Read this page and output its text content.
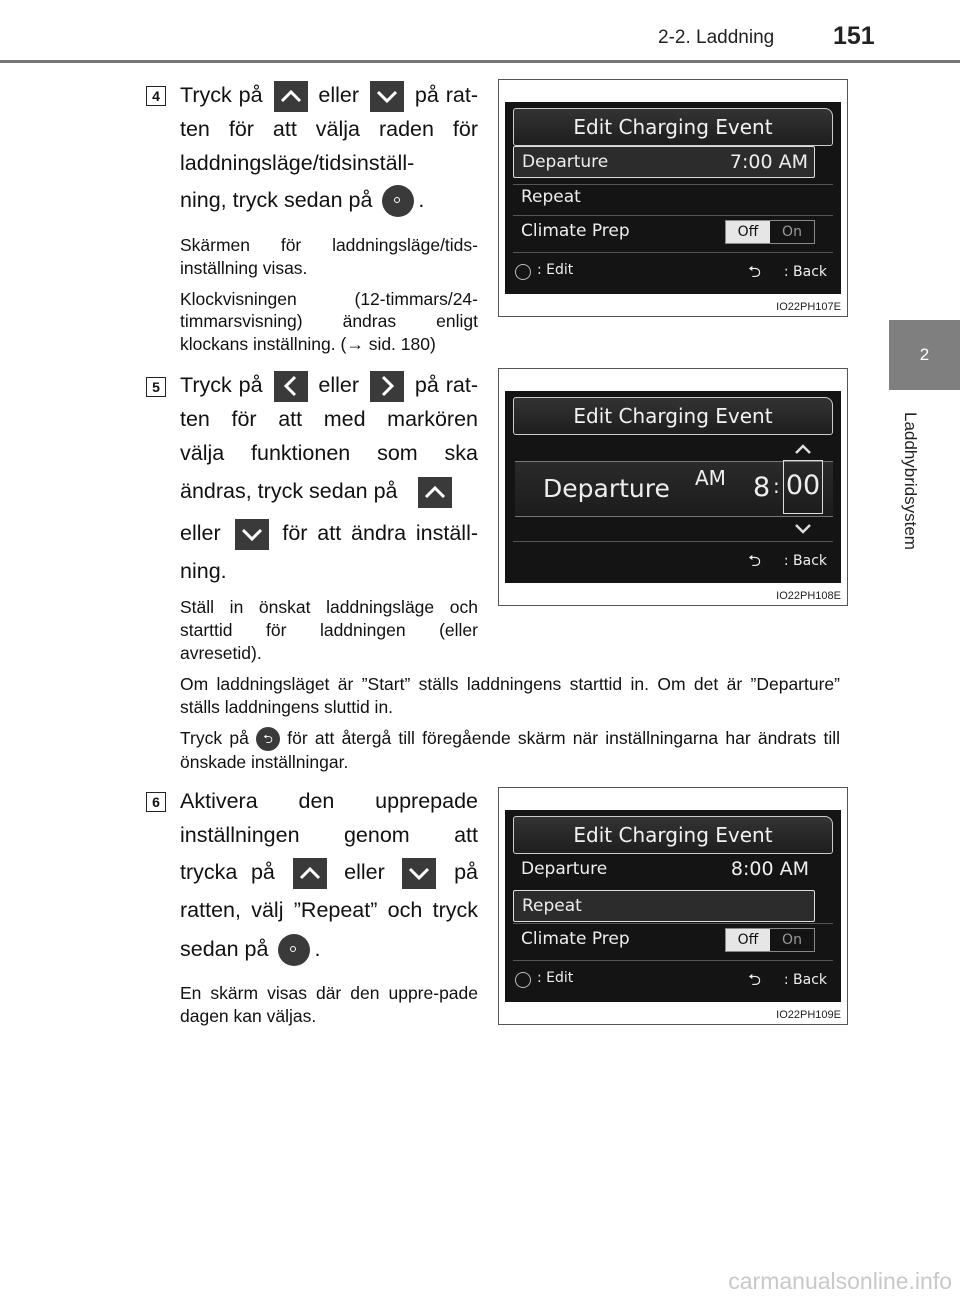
2-2. Laddning 151
2
Laddhybridsystem
4 Tryck på	eller	på rat-
ten för att välja raden för
laddningsläge/tidsinställ-
ning, tryck sedan på .
Skärmen för laddningsläge/tids-inställning visas.
Klockvisningen (12-timmars/24-timmarsvisning) ändras enligt klockans inställning. (→ sid. 180)
Edit Charging Event
Departure	7:00 AM
Repeat
Climate Prep	Off	On
: Edit	⮌ : Back
IO22PH107E
5 Tryck på	eller	på rat-
ten för att med markören
välja funktionen som ska
ändras, tryck sedan på
eller	för att ändra inställ-
ning.
Ställ in önskat laddningsläge och starttid för laddningen (eller avresetid).
Om laddningsläget är ”Start” ställs laddningens starttid in. Om det är ”Departure” ställs laddningens sluttid in.
Tryck på ⮌ för att återgå till föregående skärm när inställningarna har ändrats till önskade inställningar.
Edit Charging Event
Departure AM 8 : 00
⮌ : Back
IO22PH108E
6 Aktivera den upprepade
inställningen genom att
trycka på	eller	på
ratten, välj ”Repeat” och tryck
sedan på .
En skärm visas där den uppre-pade dagen kan väljas.
Edit Charging Event
Departure	8:00 AM
Repeat
Climate Prep	Off	On
: Edit	⮌ : Back
IO22PH109E
carmanualsonline.info
